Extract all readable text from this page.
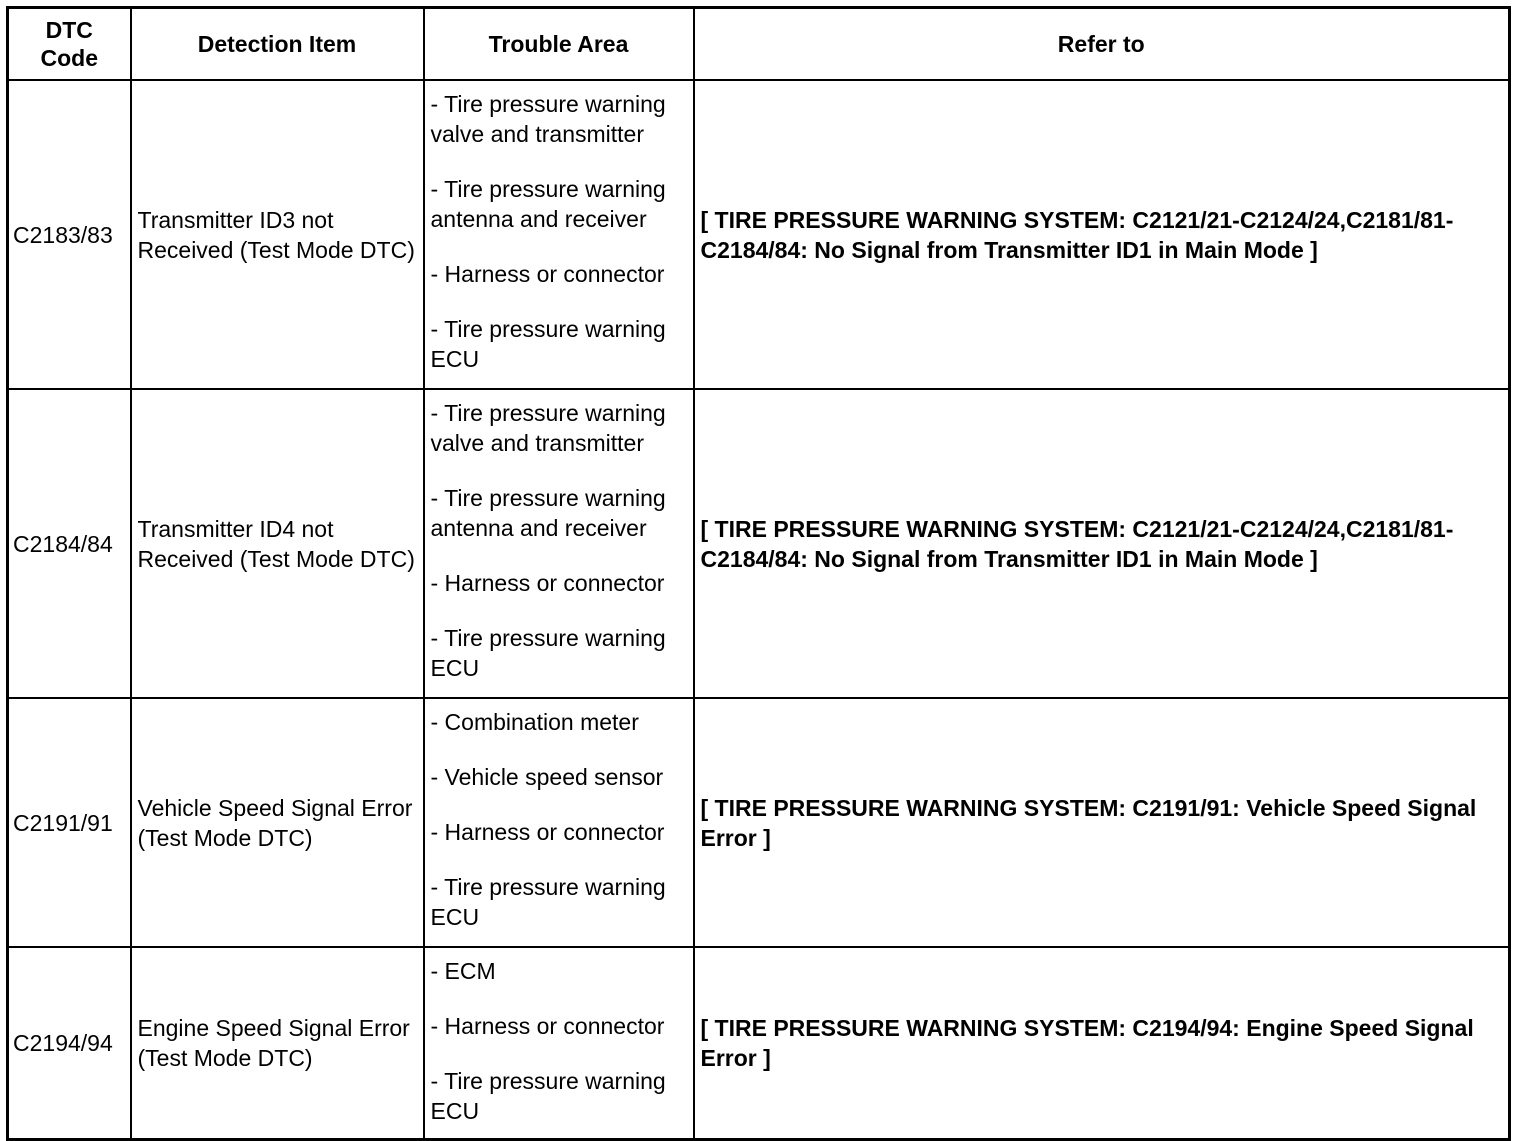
DTC Code	Detection Item	Trouble Area	Refer to
C2183/83	Transmitter ID3 not Received (Test Mode DTC)	- Tire pressure warning valve and transmitter
- Tire pressure warning antenna and receiver
- Harness or connector
- Tire pressure warning ECU	[ TIRE PRESSURE WARNING SYSTEM: C2121/21-C2124/24,C2181/81-C2184/84: No Signal from Transmitter ID1 in Main Mode ]
C2184/84	Transmitter ID4 not Received (Test Mode DTC)	- Tire pressure warning valve and transmitter
- Tire pressure warning antenna and receiver
- Harness or connector
- Tire pressure warning ECU	[ TIRE PRESSURE WARNING SYSTEM: C2121/21-C2124/24,C2181/81-C2184/84: No Signal from Transmitter ID1 in Main Mode ]
C2191/91	Vehicle Speed Signal Error (Test Mode DTC)	- Combination meter
- Vehicle speed sensor
- Harness or connector
- Tire pressure warning ECU	[ TIRE PRESSURE WARNING SYSTEM: C2191/91: Vehicle Speed Signal Error ]
C2194/94	Engine Speed Signal Error (Test Mode DTC)	- ECM
- Harness or connector
- Tire pressure warning ECU	[ TIRE PRESSURE WARNING SYSTEM: C2194/94: Engine Speed Signal Error ]
